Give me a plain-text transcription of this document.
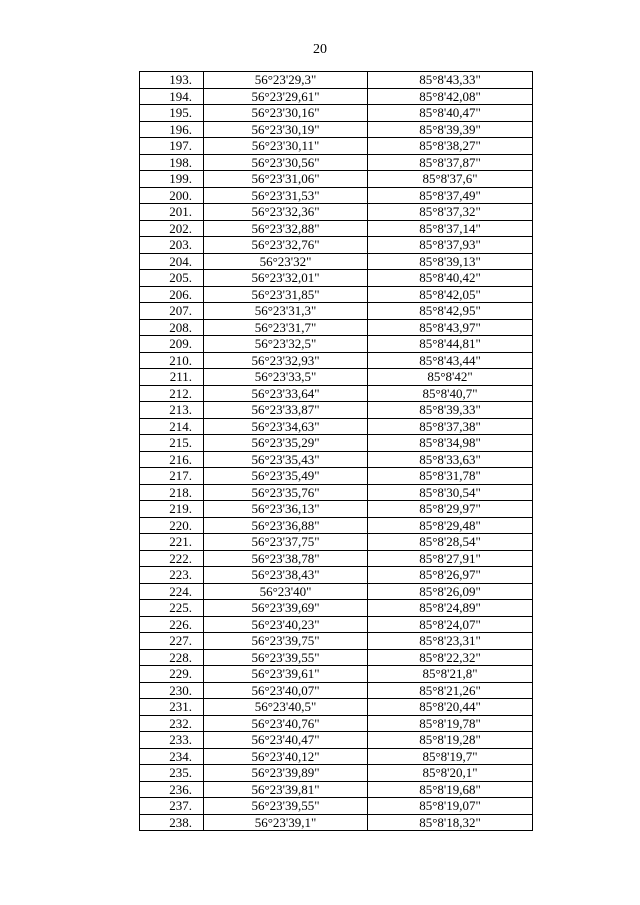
20
193.	56°23'29,3"	85°8'43,33"
194.	56°23'29,61"	85°8'42,08"
195.	56°23'30,16"	85°8'40,47"
196.	56°23'30,19"	85°8'39,39"
197.	56°23'30,11"	85°8'38,27"
198.	56°23'30,56"	85°8'37,87"
199.	56°23'31,06"	85°8'37,6"
200.	56°23'31,53"	85°8'37,49"
201.	56°23'32,36"	85°8'37,32"
202.	56°23'32,88"	85°8'37,14"
203.	56°23'32,76"	85°8'37,93"
204.	56°23'32"	85°8'39,13"
205.	56°23'32,01"	85°8'40,42"
206.	56°23'31,85"	85°8'42,05"
207.	56°23'31,3"	85°8'42,95"
208.	56°23'31,7"	85°8'43,97"
209.	56°23'32,5"	85°8'44,81"
210.	56°23'32,93"	85°8'43,44"
211.	56°23'33,5"	85°8'42"
212.	56°23'33,64"	85°8'40,7"
213.	56°23'33,87"	85°8'39,33"
214.	56°23'34,63"	85°8'37,38"
215.	56°23'35,29"	85°8'34,98"
216.	56°23'35,43"	85°8'33,63"
217.	56°23'35,49"	85°8'31,78"
218.	56°23'35,76"	85°8'30,54"
219.	56°23'36,13"	85°8'29,97"
220.	56°23'36,88"	85°8'29,48"
221.	56°23'37,75"	85°8'28,54"
222.	56°23'38,78"	85°8'27,91"
223.	56°23'38,43"	85°8'26,97"
224.	56°23'40"	85°8'26,09"
225.	56°23'39,69"	85°8'24,89"
226.	56°23'40,23"	85°8'24,07"
227.	56°23'39,75"	85°8'23,31"
228.	56°23'39,55"	85°8'22,32"
229.	56°23'39,61"	85°8'21,8"
230.	56°23'40,07"	85°8'21,26"
231.	56°23'40,5"	85°8'20,44"
232.	56°23'40,76"	85°8'19,78"
233.	56°23'40,47"	85°8'19,28"
234.	56°23'40,12"	85°8'19,7"
235.	56°23'39,89"	85°8'20,1"
236.	56°23'39,81"	85°8'19,68"
237.	56°23'39,55"	85°8'19,07"
238.	56°23'39,1"	85°8'18,32"
